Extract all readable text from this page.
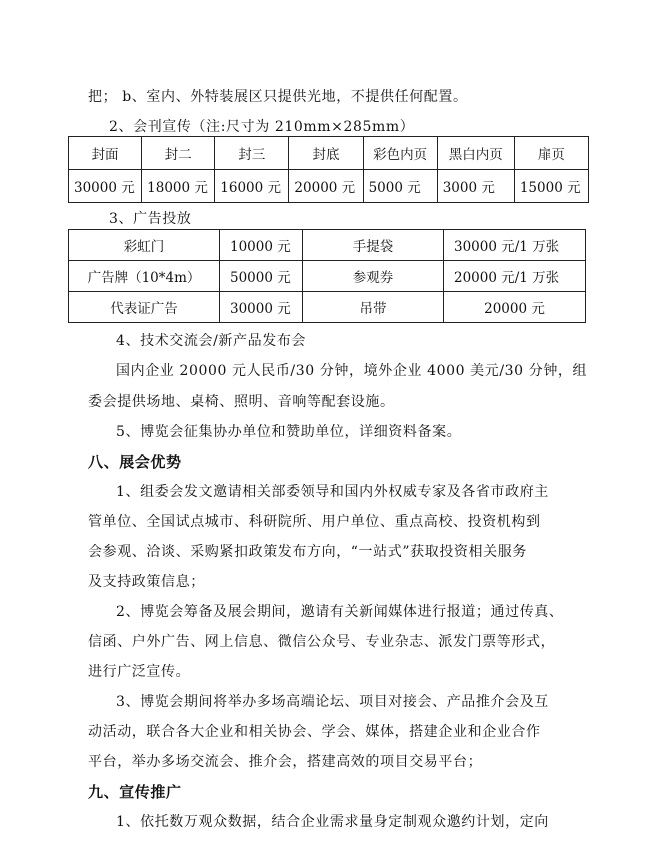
把； b、室内、外特装展区只提供光地，不提供任何配置。
2、会刊宣传（注:尺寸为 210mm×285mm）
封面	封二	封三	封底	彩色内页	黑白内页	扉页
30000 元	18000 元	16000 元	20000 元	5000 元	3000 元	15000 元
3、广告投放
彩虹门	10000 元	手提袋	30000 元/1 万张
广告牌（10*4m）	50000 元	参观券	20000 元/1 万张
代表证广告	30000 元	吊带	20000 元
4、技术交流会/新产品发布会
国内企业 20000 元人民币/30 分钟，境外企业 4000 美元/30 分钟，组
委会提供场地、桌椅、照明、音响等配套设施。
5、博览会征集协办单位和赞助单位，详细资料备案。
八、展会优势
1、组委会发文邀请相关部委领导和国内外权威专家及各省市政府主
管单位、全国试点城市、科研院所、用户单位、重点高校、投资机构到
会参观、洽谈、采购紧扣政策发布方向，“一站式”获取投资相关服务
及支持政策信息；
2、博览会筹备及展会期间，邀请有关新闻媒体进行报道；通过传真、
信函、户外广告、网上信息、微信公众号、专业杂志、派发门票等形式，
进行广泛宣传。
3、博览会期间将举办多场高端论坛、项目对接会、产品推介会及互
动活动，联合各大企业和相关协会、学会、媒体，搭建企业和企业合作
平台，举办多场交流会、推介会，搭建高效的项目交易平台；
九、宣传推广
1、依托数万观众数据，结合企业需求量身定制观众邀约计划，定向
